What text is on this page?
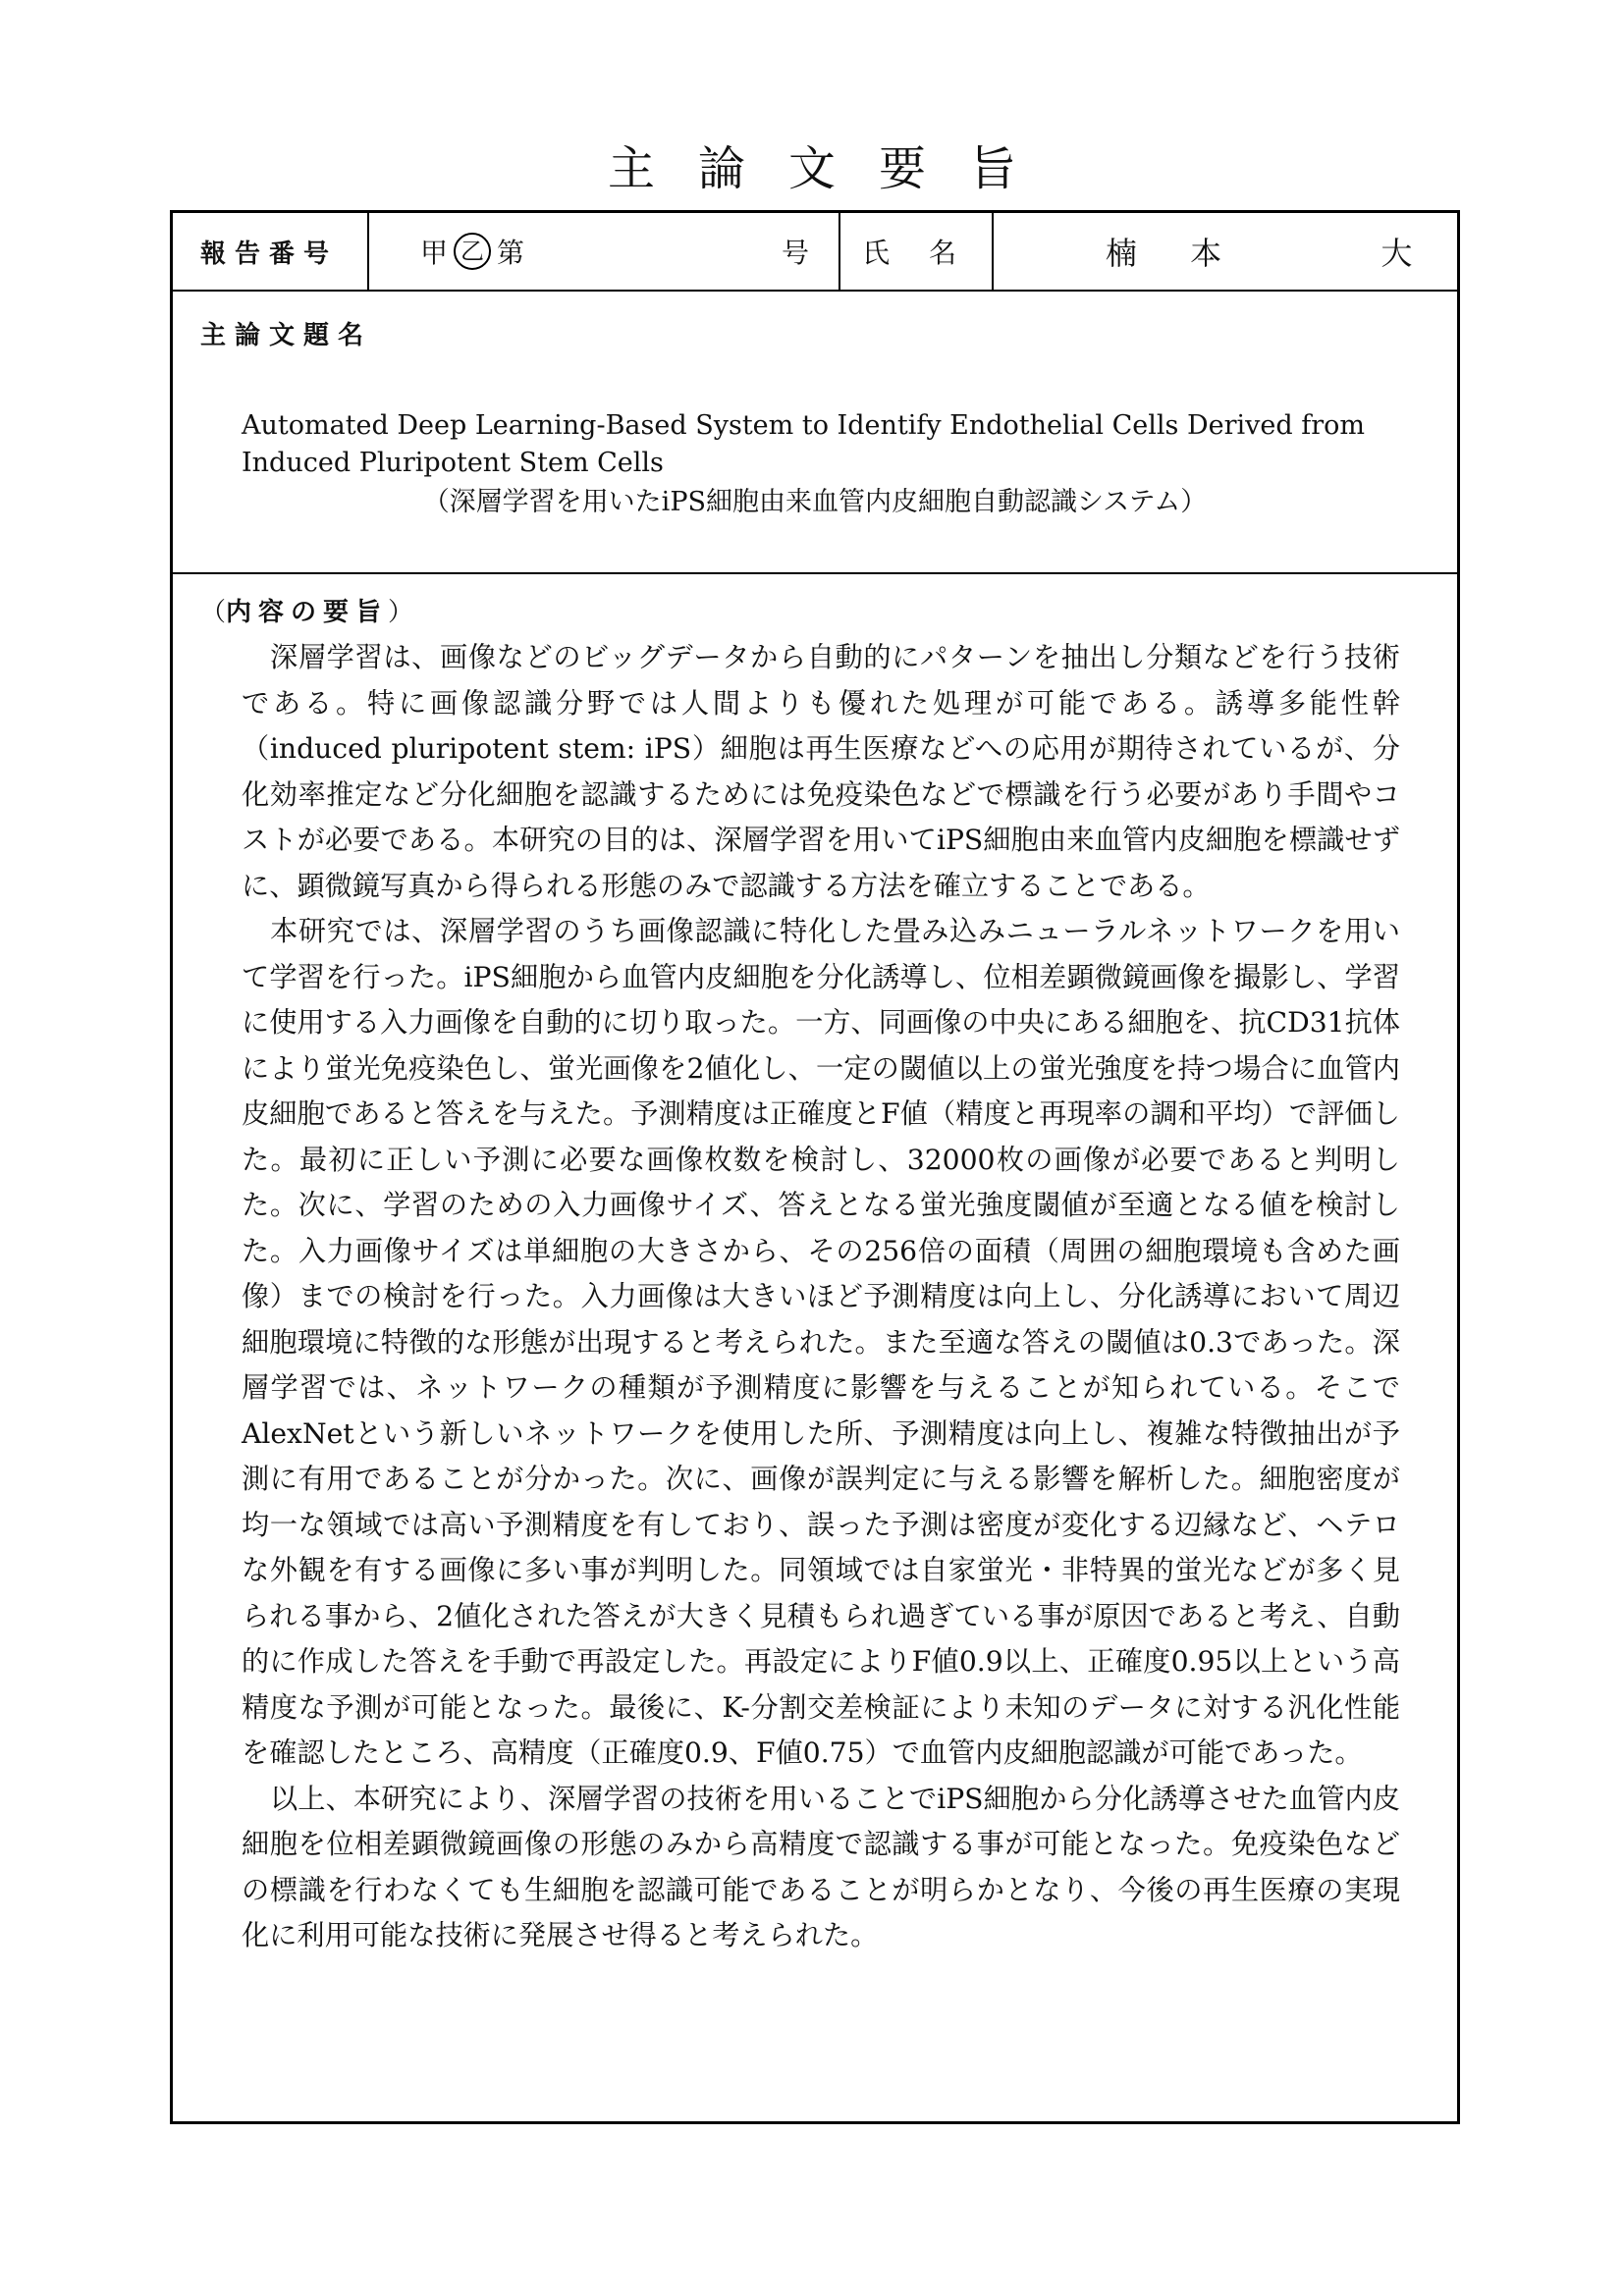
主論文要旨
報告番号	甲 乙 第	号 氏　名	楠 本　　 大
主論文題名
Automated Deep Learning-Based System to Identify Endothelial Cells Derived from Induced Pluripotent Stem Cells
（深層学習を用いたiPS細胞由来血管内皮細胞自動認識システム）
（内容の要旨）

深層学習は、画像などのビッグデータから自動的にパターンを抽出し分類などを行う技術である。特に画像認識分野では人間よりも優れた処理が可能である。誘導多能性幹（induced pluripotent stem: iPS）細胞は再生医療などへの応用が期待されているが、分化効率推定など分化細胞を認識するためには免疫染色などで標識を行う必要があり手間やコストが必要である。本研究の目的は、深層学習を用いてiPS細胞由来血管内皮細胞を標識せずに、顕微鏡写真から得られる形態のみで認識する方法を確立することである。

本研究では、深層学習のうち画像認識に特化した畳み込みニューラルネットワークを用いて学習を行った。iPS細胞から血管内皮細胞を分化誘導し、位相差顕微鏡画像を撮影し、学習に使用する入力画像を自動的に切り取った。一方、同画像の中央にある細胞を、抗CD31抗体により蛍光免疫染色し、蛍光画像を2値化し、一定の閾値以上の蛍光強度を持つ場合に血管内皮細胞であると答えを与えた。予測精度は正確度とF値（精度と再現率の調和平均）で評価した。最初に正しい予測に必要な画像枚数を検討し、32000枚の画像が必要であると判明した。次に、学習のための入力画像サイズ、答えとなる蛍光強度閾値が至適となる値を検討した。入力画像サイズは単細胞の大きさから、その256倍の面積（周囲の細胞環境も含めた画像）までの検討を行った。入力画像は大きいほど予測精度は向上し、分化誘導において周辺細胞環境に特徴的な形態が出現すると考えられた。また至適な答えの閾値は0.3であった。深層学習では、ネットワークの種類が予測精度に影響を与えることが知られている。そこでAlexNetという新しいネットワークを使用した所、予測精度は向上し、複雑な特徴抽出が予測に有用であることが分かった。次に、画像が誤判定に与える影響を解析した。細胞密度が均一な領域では高い予測精度を有しており、誤った予測は密度が変化する辺縁など、ヘテロな外観を有する画像に多い事が判明した。同領域では自家蛍光・非特異的蛍光などが多く見られる事から、2値化された答えが大きく見積もられ過ぎている事が原因であると考え、自動的に作成した答えを手動で再設定した。再設定によりF値0.9以上、正確度0.95以上という高精度な予測が可能となった。最後に、K-分割交差検証により未知のデータに対する汎化性能を確認したところ、高精度（正確度0.9、F値0.75）で血管内皮細胞認識が可能であった。

以上、本研究により、深層学習の技術を用いることでiPS細胞から分化誘導させた血管内皮細胞を位相差顕微鏡画像の形態のみから高精度で認識する事が可能となった。免疫染色などの標識を行わなくても生細胞を認識可能であることが明らかとなり、今後の再生医療の実現化に利用可能な技術に発展させ得ると考えられた。
